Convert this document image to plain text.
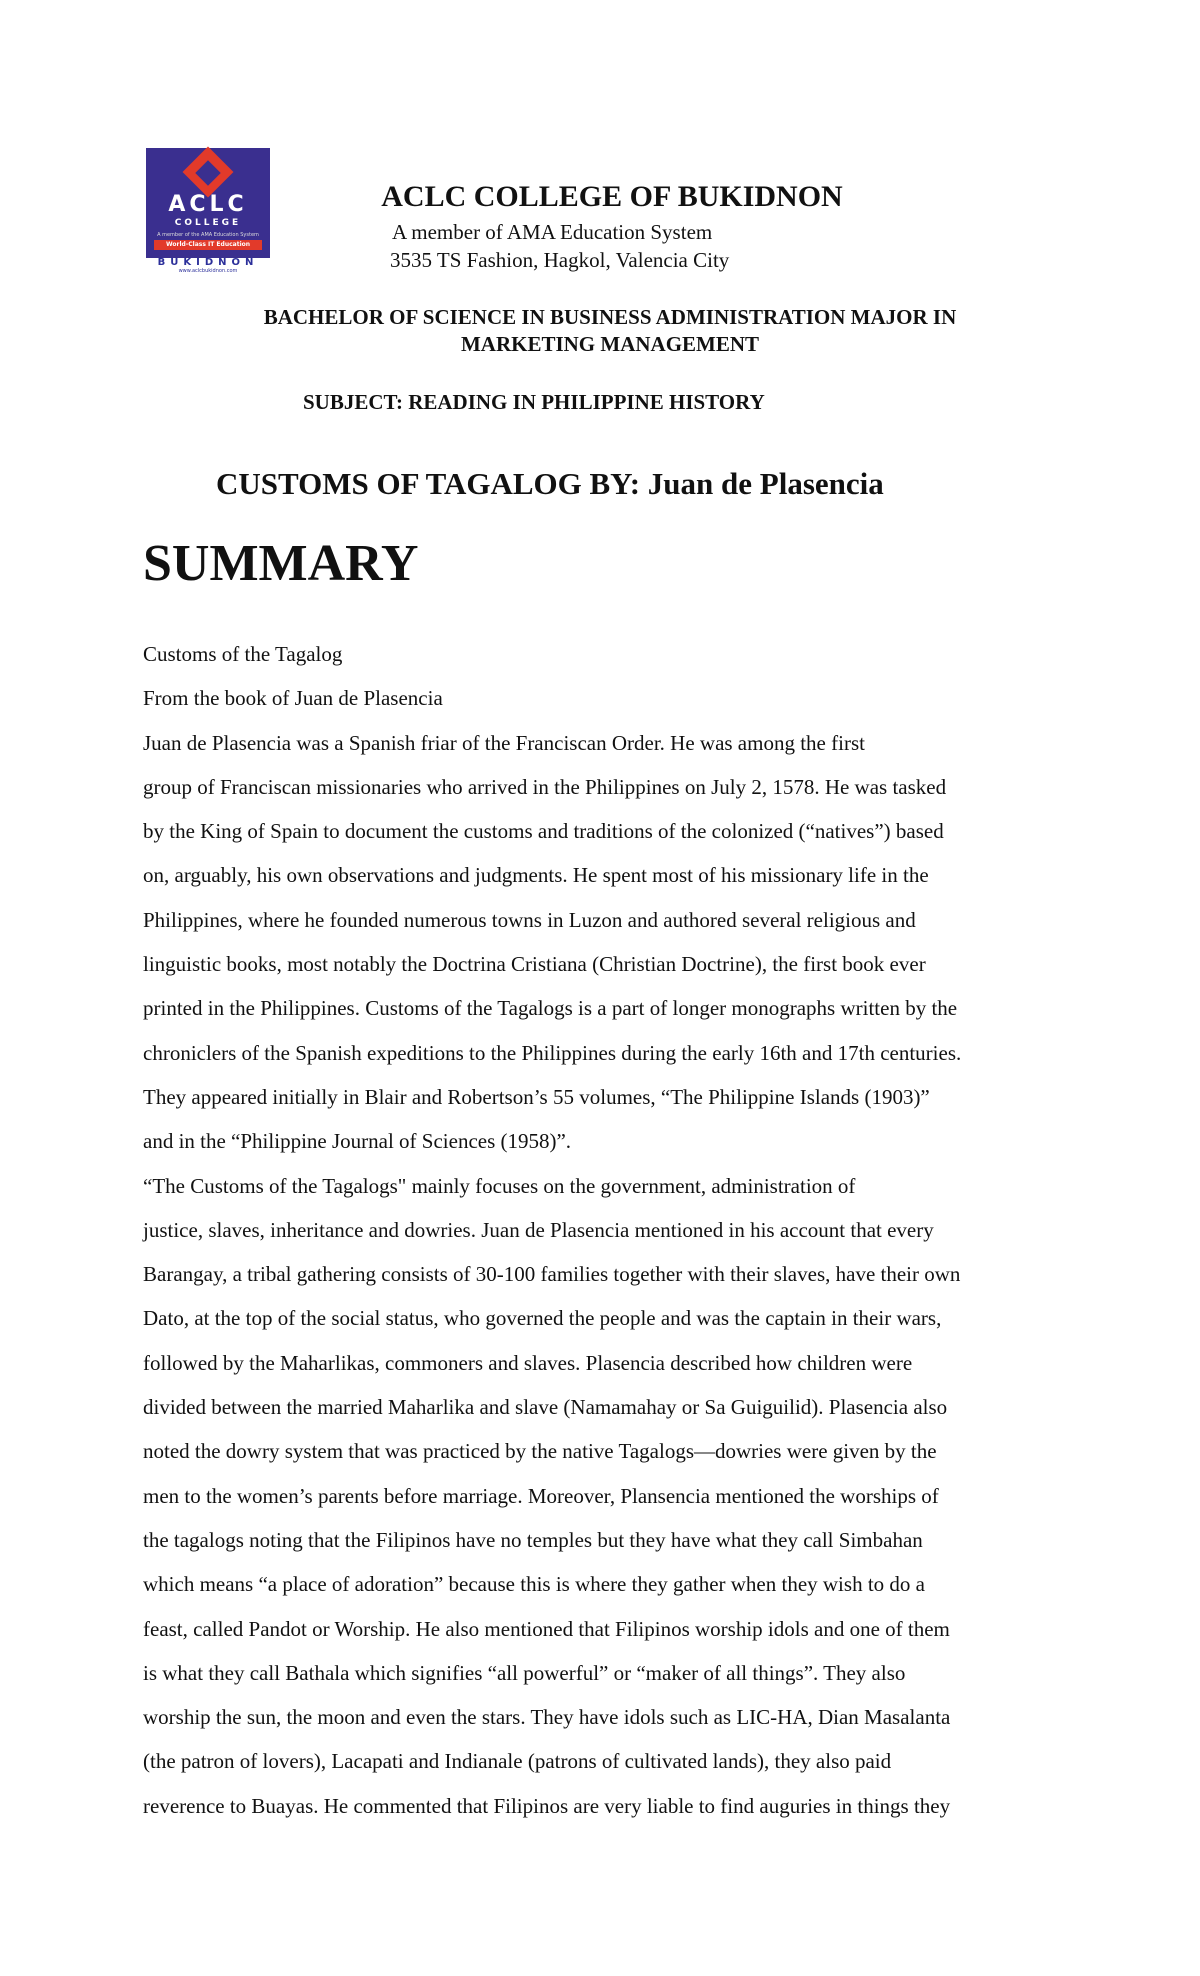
ACLC
COLLEGE
A member of the AMA Education System
World-Class IT Education
BUKIDNON
www.aclcbukidnon.com
ACLC COLLEGE OF BUKIDNON
A member of AMA Education System
3535 TS Fashion, Hagkol, Valencia City
BACHELOR OF SCIENCE IN BUSINESS ADMINISTRATION MAJOR IN MARKETING MANAGEMENT
SUBJECT: READING IN PHILIPPINE HISTORY
CUSTOMS OF TAGALOG BY: Juan de Plasencia
SUMMARY
Customs of the Tagalog
From the book of Juan de Plasencia
Juan de Plasencia was a Spanish friar of the Franciscan Order. He was among the first
group of Franciscan missionaries who arrived in the Philippines on July 2, 1578. He was tasked
by the King of Spain to document the customs and traditions of the colonized (“natives”) based
on, arguably, his own observations and judgments. He spent most of his missionary life in the
Philippines, where he founded numerous towns in Luzon and authored several religious and
linguistic books, most notably the Doctrina Cristiana (Christian Doctrine), the first book ever
printed in the Philippines. Customs of the Tagalogs is a part of longer monographs written by the
chroniclers of the Spanish expeditions to the Philippines during the early 16th and 17th centuries.
They appeared initially in Blair and Robertson’s 55 volumes, “The Philippine Islands (1903)”
and in the “Philippine Journal of Sciences (1958)”.
“The Customs of the Tagalogs" mainly focuses on the government, administration of
justice, slaves, inheritance and dowries. Juan de Plasencia mentioned in his account that every
Barangay, a tribal gathering consists of 30-100 families together with their slaves, have their own
Dato, at the top of the social status, who governed the people and was the captain in their wars,
followed by the Maharlikas, commoners and slaves. Plasencia described how children were
divided between the married Maharlika and slave (Namamahay or Sa Guiguilid). Plasencia also
noted the dowry system that was practiced by the native Tagalogs—dowries were given by the
men to the women’s parents before marriage. Moreover, Plansencia mentioned the worships of
the tagalogs noting that the Filipinos have no temples but they have what they call Simbahan
which means “a place of adoration” because this is where they gather when they wish to do a
feast, called Pandot or Worship. He also mentioned that Filipinos worship idols and one of them
is what they call Bathala which signifies “all powerful” or “maker of all things”. They also
worship the sun, the moon and even the stars. They have idols such as LIC-HA, Dian Masalanta
(the patron of lovers), Lacapati and Indianale (patrons of cultivated lands), they also paid
reverence to Buayas. He commented that Filipinos are very liable to find auguries in things they
